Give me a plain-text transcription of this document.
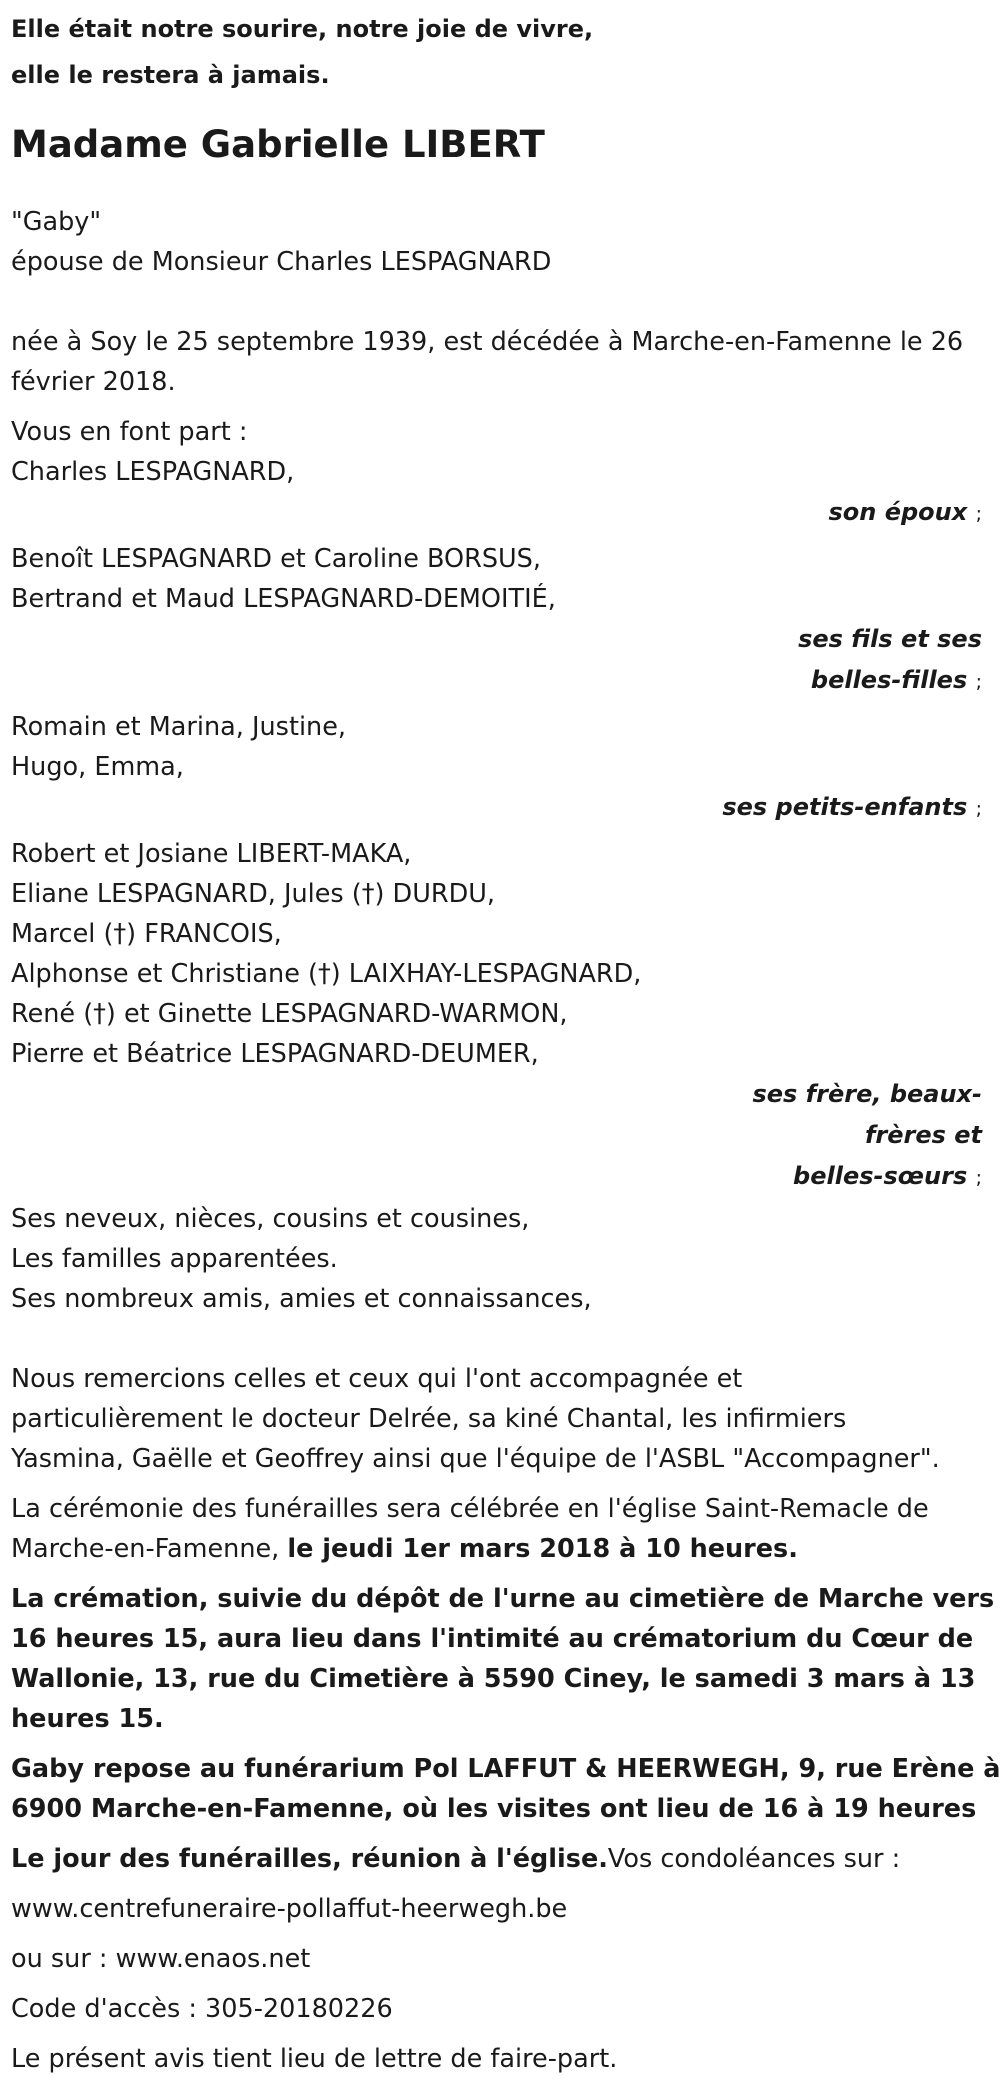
Elle était notre sourire, notre joie de vivre,
elle le restera à jamais.
Madame Gabrielle LIBERT
"Gaby"
épouse de Monsieur Charles LESPAGNARD
née à Soy le 25 septembre 1939, est décédée à Marche-en-Famenne le 26
février 2018.
Vous en font part :
Charles LESPAGNARD,
son époux ;
Benoît LESPAGNARD et Caroline BORSUS,
Bertrand et Maud LESPAGNARD-DEMOITIÉ,
ses fils et ses
belles-filles ;
Romain et Marina, Justine,
Hugo, Emma,
ses petits-enfants ;
Robert et Josiane LIBERT-MAKA,
Eliane LESPAGNARD, Jules (†) DURDU,
Marcel (†) FRANCOIS,
Alphonse et Christiane (†) LAIXHAY-LESPAGNARD,
René (†) et Ginette LESPAGNARD-WARMON,
Pierre et Béatrice LESPAGNARD-DEUMER,
ses frère, beaux-
frères et
belles-sœurs ;
Ses neveux, nièces, cousins et cousines,
Les familles apparentées.
Ses nombreux amis, amies et connaissances,
Nous remercions celles et ceux qui l'ont accompagnée et
particulièrement le docteur Delrée, sa kiné Chantal, les infirmiers
Yasmina, Gaëlle et Geoffrey ainsi que l'équipe de l'ASBL "Accompagner".
La cérémonie des funérailles sera célébrée en l'église Saint-Remacle de
Marche-en-Famenne, le jeudi 1er mars 2018 à 10 heures.
La crémation, suivie du dépôt de l'urne au cimetière de Marche vers
16 heures 15, aura lieu dans l'intimité au crématorium du Cœur de
Wallonie, 13, rue du Cimetière à 5590 Ciney, le samedi 3 mars à 13
heures 15.
Gaby repose au funérarium Pol LAFFUT & HEERWEGH, 9, rue Erène à
6900 Marche-en-Famenne, où les visites ont lieu de 16 à 19 heures
Le jour des funérailles, réunion à l'église.Vos condoléances sur :
www.centrefuneraire-pollaffut-heerwegh.be
ou sur : www.enaos.net
Code d'accès : 305-20180226
Le présent avis tient lieu de lettre de faire-part.
